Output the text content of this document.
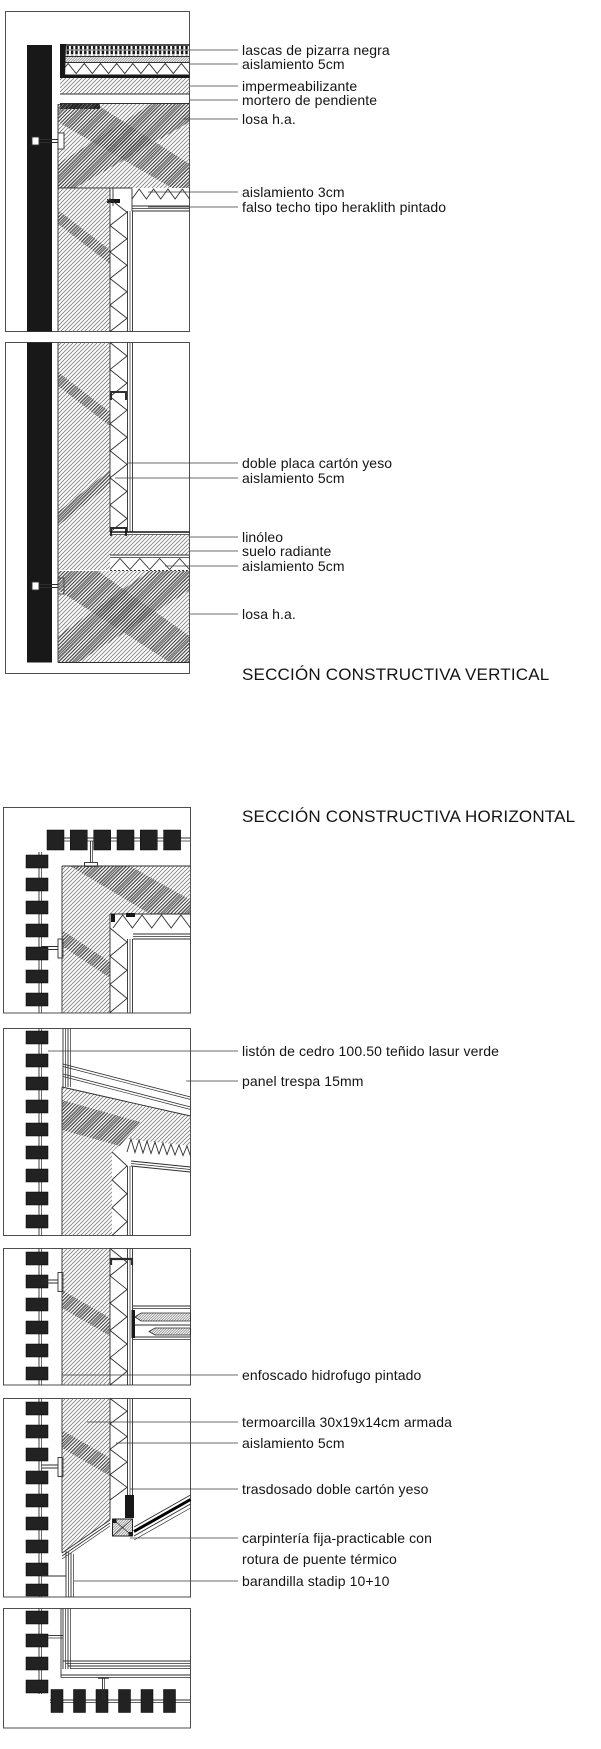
lascas de pizarra negra
aislamiento 5cm
impermeabilizante
mortero de pendiente
losa h.a.
aislamiento 3cm
falso techo tipo heraklith pintado
doble placa cartón yeso
aislamiento 5cm
linóleo
suelo radiante
aislamiento 5cm
losa h.a.
SECCIÓN CONSTRUCTIVA VERTICAL
SECCIÓN CONSTRUCTIVA HORIZONTAL
listón de cedro 100.50 teñido lasur verde
panel trespa 15mm
enfoscado hidrofugo pintado
termoarcilla 30x19x14cm armada
aislamiento 5cm
trasdosado doble cartón yeso
carpintería fija-practicable con
rotura de puente térmico
barandilla stadip 10+10
